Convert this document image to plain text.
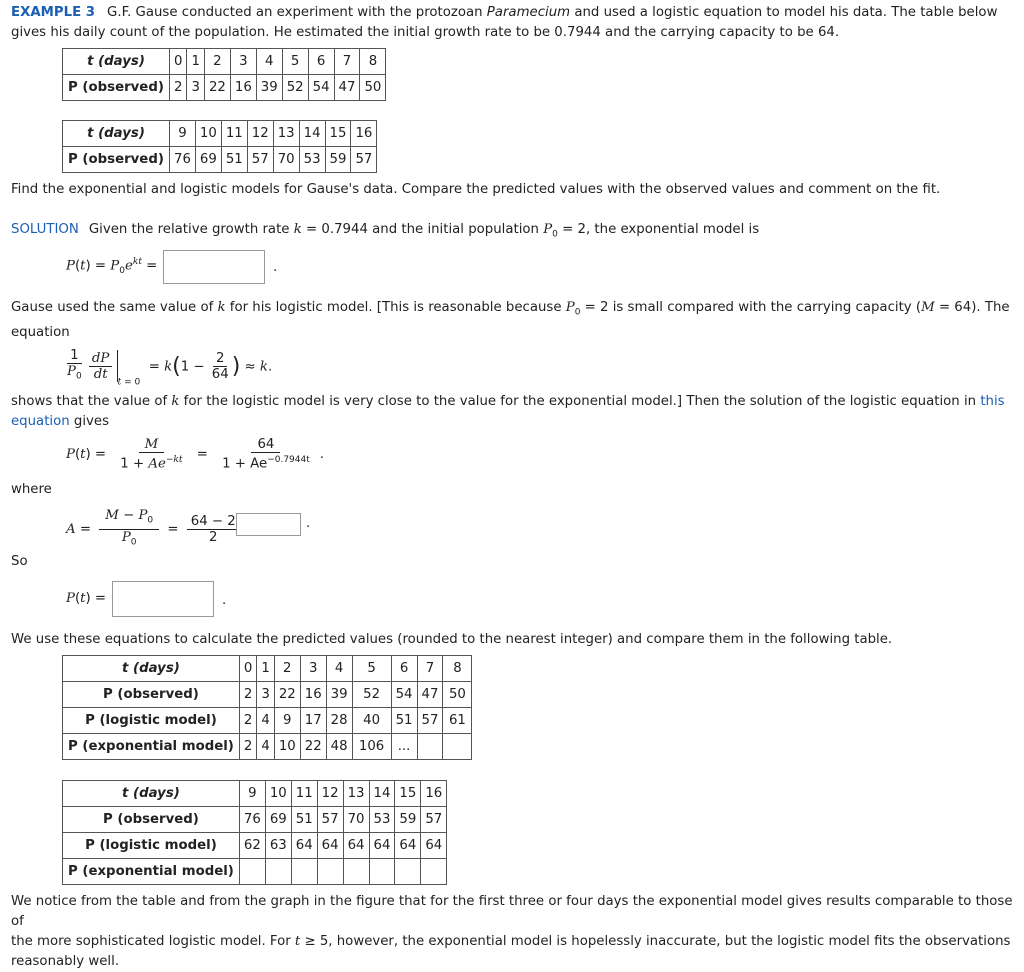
EXAMPLE 3 G.F. Gause conducted an experiment with the protozoan Paramecium and used a logistic equation to model his data. The table below
gives his daily count of the population. He estimated the initial growth rate to be 0.7944 and the carrying capacity to be 64.
t (days)	0	1	2	3	4	5	6	7	8
P (observed)	2	3	22	16	39	52	54	47	50
t (days)	9	10	11	12	13	14	15	16
P (observed)	76	69	51	57	70	53	59	57
Find the exponential and logistic models for Gause's data. Compare the predicted values with the observed values and comment on the fit.
SOLUTION Given the relative growth rate k = 0.7944 and the initial population $P_0 = 2$, the exponential model is
$P(t) = P_0e^{kt}$ =	.
Gause used the same value of k for his logistic model. [This is reasonable because $P_0 = 2$ is small compared with the carrying capacity (M = 64). The
equation
$\frac{1}{P_0}$
$\frac{dP}{dt}$
$_{t = 0} = k(1 - \frac{2}{64}$ ) ≈ k.
shows that the value of k for the logistic model is very close to the value for the exponential model.] Then the solution of the logistic equation in this
equation gives
$P(t) = \frac{M}{1 + Ae^{-kt}} = \frac{64}{1 + Ae^{-0.7944t}}$ .
where
$A = \frac{M - P_0}{P_0} = \frac{64 - 2}{2}$	.
So
P(t) =	.
We use these equations to calculate the predicted values (rounded to the nearest integer) and compare them in the following table.
t (days)	0	1	2	3	4	5	6	7	8
P (observed)	2	3	22	16	39	52	54	47	50
P (logistic model)	2	4	9	17	28	40	51	57	61
P (exponential model)	2	4	10	22	48	106	...		
t (days)	9	10	11	12	13	14	15	16
P (observed)	76	69	51	57	70	53	59	57
P (logistic model)	62	63	64	64	64	64	64	64
P (exponential model)								
We notice from the table and from the graph in the figure that for the first three or four days the exponential model gives results comparable to those of
the more sophisticated logistic model. For t ≥ 5, however, the exponential model is hopelessly inaccurate, but the logistic model fits the observations
reasonably well.
